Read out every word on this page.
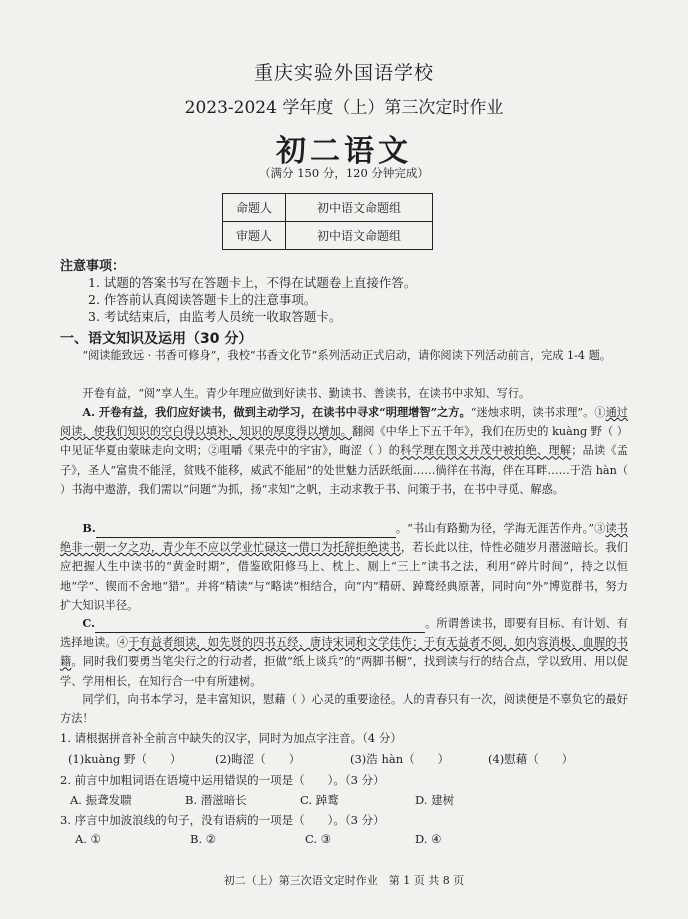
重庆实验外国语学校
2023-2024 学年度（上）第三次定时作业
初二语文
（满分 150 分，120 分钟完成）
命题人	初中语文命题组
审题人	初中语文命题组
注意事项：
1. 试题的答案书写在答题卡上，不得在试题卷上直接作答。
2. 作答前认真阅读答题卡上的注意事项。
3. 考试结束后，由监考人员统一收取答题卡。
一、语文知识及运用（30 分）
“阅读能致远 · 书香可修身”，我校“书香文化节”系列活动正式启动，请你阅读下列活动前言，完成 1-4 题。
开卷有益，“阅”享人生。青少年理应做到好读书、勤读书、善读书，在读书中求知、写行。
A. 开卷有益，我们应好读书，做到主动学习，在读书中寻求“明理增智”之方。“迷烛求明，读书求理”。①通过阅读，使我们知识的空白得以填补，知识的厚度得以增加。翻阅《中华上下五千年》，我们在历史的 kuàng 野（ ）中见证华夏由蒙昧走向文明；②咀嚼《果壳中的宇宙》，晦涩（ ）的科学理在图文并茂中被拍绝、理解；品读《孟子》，圣人“富贵不能淫，贫贱不能移，威武不能屈”的处世魅力活跃纸面……徜徉在书海，伴在耳畔……于浩 hàn（ ）书海中遨游，我们需以“问题”为抓，扬“求知”之帆，主动求教于书、问策于书，在书中寻觅、解惑。
B.	。“书山有路勤为径，学海无涯苦作舟。”③读书绝非一朝一夕之功，青少年不应以学业忙碌这一借口为托辞拒绝读书，若长此以往，恃性必随岁月潜滋暗长。我们应把握人生中读书的“黄金时期”，借鉴欧阳修马上、枕上、厕上“三上”读书之法，利用“碎片时间”，持之以恒地“学”、锲而不舍地“猎”。并将“精读”与“略读”相结合，向“内”精研、踔鹜经典原著，同时向“外”博览群书，努力扩大知识半径。
C.	。所谓善读书，即要有目标、有计划、有选择地读。④于有益者细读，如先贤的四书五经、唐诗宋词和文学佳作；于有无益者不阅，如内容消极、血腥的书籍。同时我们要勇当笔尖行之的行动者，拒做“纸上谈兵”的“两脚书橱”，找到读与行的结合点，学以致用、用以促学、学用相长，在知行合一中有所建树。
同学们，向书本学习，是丰富知识，慰藉（ ）心灵的重要途径。人的青春只有一次，阅读便是不辜负它的最好方法！
1. 请根据拼音补全前言中缺失的汉字，同时为加点字注音。（4 分）
(1)kuàng 野（　　）	(2)晦涩（　　）	(3)浩 hàn（　　）	(4)慰藉（　　）
2. 前言中加粗词语在语境中运用错误的一项是（　　）。（3 分）
A. 振聋发聩	B. 潜滋暗长	C. 踔鹜	D. 建树
3. 序言中加波浪线的句子，没有语病的一项是（　　）。（3 分）
A. ①	B. ②	C. ③	D. ④
初二（上）第三次语文定时作业　第 1 页 共 8 页
